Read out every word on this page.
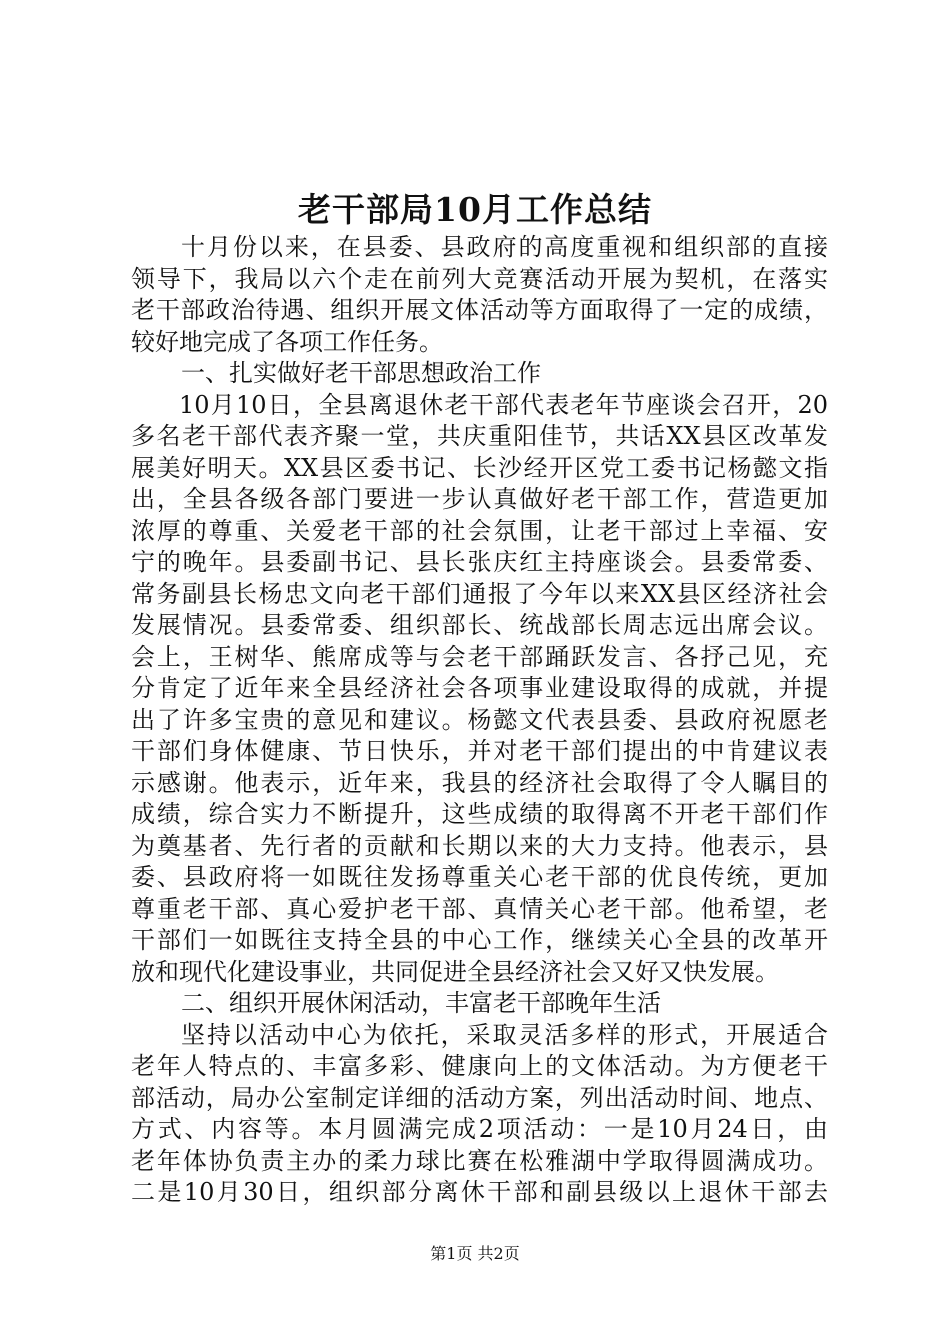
老干部局10月工作总结
十月份以来，在县委、县政府的高度重视和组织部的直接
领导下，我局以六个走在前列大竞赛活动开展为契机，在落实
老干部政治待遇、组织开展文体活动等方面取得了一定的成绩，
较好地完成了各项工作任务。
一、扎实做好老干部思想政治工作
10月10日，全县离退休老干部代表老年节座谈会召开，20
多名老干部代表齐聚一堂，共庆重阳佳节，共话XX县区改革发
展美好明天。XX县区委书记、长沙经开区党工委书记杨懿文指
出，全县各级各部门要进一步认真做好老干部工作，营造更加
浓厚的尊重、关爱老干部的社会氛围，让老干部过上幸福、安
宁的晚年。县委副书记、县长张庆红主持座谈会。县委常委、
常务副县长杨忠文向老干部们通报了今年以来XX县区经济社会
发展情况。县委常委、组织部长、统战部长周志远出席会议。
会上，王树华、熊席成等与会老干部踊跃发言、各抒己见，充
分肯定了近年来全县经济社会各项事业建设取得的成就，并提
出了许多宝贵的意见和建议。杨懿文代表县委、县政府祝愿老
干部们身体健康、节日快乐，并对老干部们提出的中肯建议表
示感谢。他表示，近年来，我县的经济社会取得了令人瞩目的
成绩，综合实力不断提升，这些成绩的取得离不开老干部们作
为奠基者、先行者的贡献和长期以来的大力支持。他表示，县
委、县政府将一如既往发扬尊重关心老干部的优良传统，更加
尊重老干部、真心爱护老干部、真情关心老干部。他希望，老
干部们一如既往支持全县的中心工作，继续关心全县的改革开
放和现代化建设事业，共同促进全县经济社会又好又快发展。
二、组织开展休闲活动，丰富老干部晚年生活
坚持以活动中心为依托，采取灵活多样的形式，开展适合
老年人特点的、丰富多彩、健康向上的文体活动。为方便老干
部活动，局办公室制定详细的活动方案，列出活动时间、地点、
方式、内容等。本月圆满完成2项活动：一是10月24日，由
老年体协负责主办的柔力球比赛在松雅湖中学取得圆满成功。
二是10月30日，组织部分离休干部和副县级以上退休干部去
第1页 共2页
